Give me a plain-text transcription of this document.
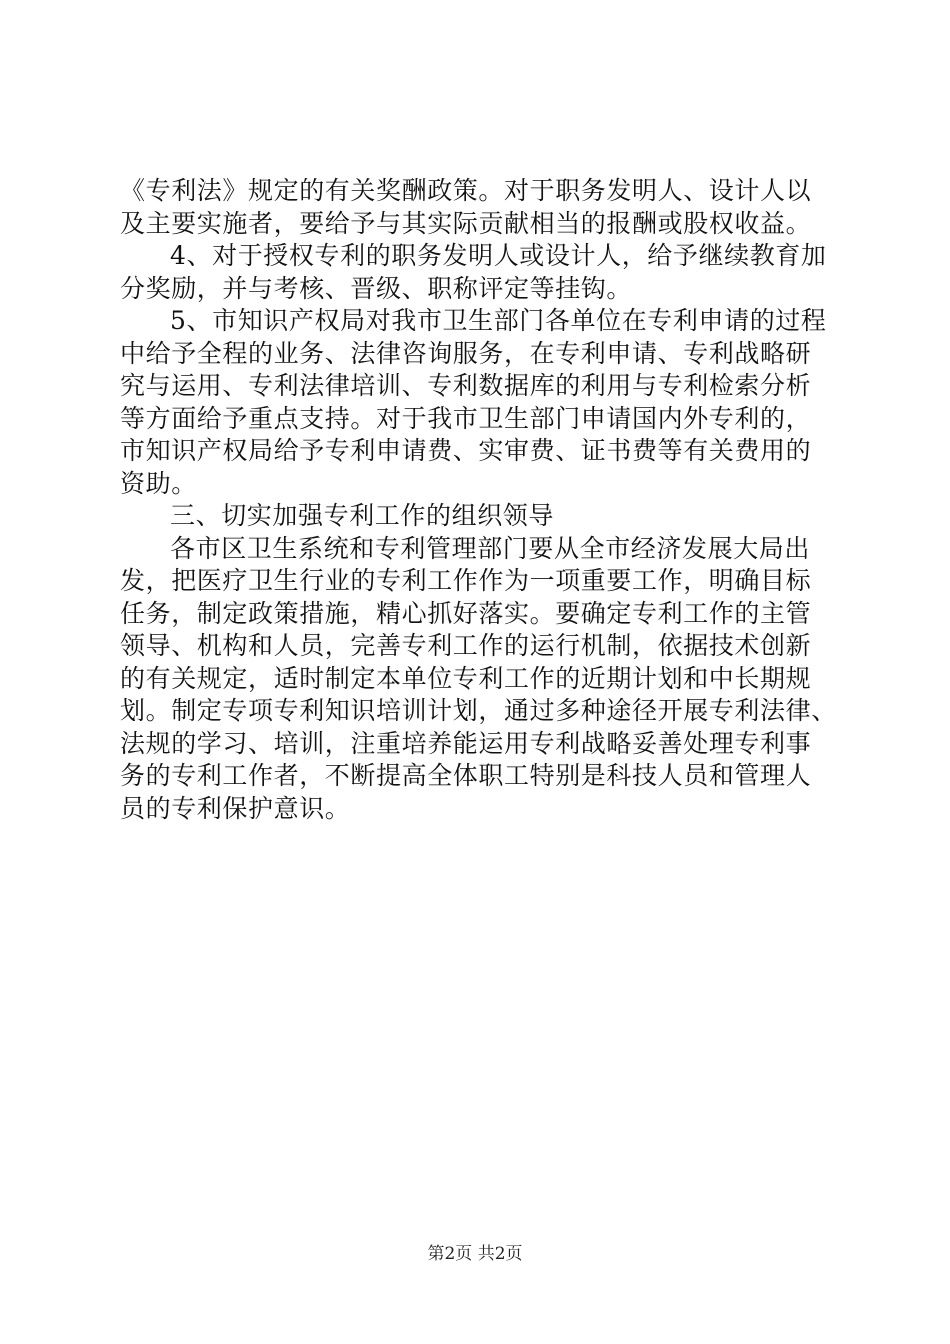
《专利法》规定的有关奖酬政策。对于职务发明人、设计人以
及主要实施者，要给予与其实际贡献相当的报酬或股权收益。
4、对于授权专利的职务发明人或设计人，给予继续教育加
分奖励，并与考核、晋级、职称评定等挂钩。
5、市知识产权局对我市卫生部门各单位在专利申请的过程
中给予全程的业务、法律咨询服务，在专利申请、专利战略研
究与运用、专利法律培训、专利数据库的利用与专利检索分析
等方面给予重点支持。对于我市卫生部门申请国内外专利的，
市知识产权局给予专利申请费、实审费、证书费等有关费用的
资助。
三、切实加强专利工作的组织领导
各市区卫生系统和专利管理部门要从全市经济发展大局出
发，把医疗卫生行业的专利工作作为一项重要工作，明确目标
任务，制定政策措施，精心抓好落实。要确定专利工作的主管
领导、机构和人员，完善专利工作的运行机制，依据技术创新
的有关规定，适时制定本单位专利工作的近期计划和中长期规
划。制定专项专利知识培训计划，通过多种途径开展专利法律、
法规的学习、培训，注重培养能运用专利战略妥善处理专利事
务的专利工作者，不断提高全体职工特别是科技人员和管理人
员的专利保护意识。
第2页 共2页
